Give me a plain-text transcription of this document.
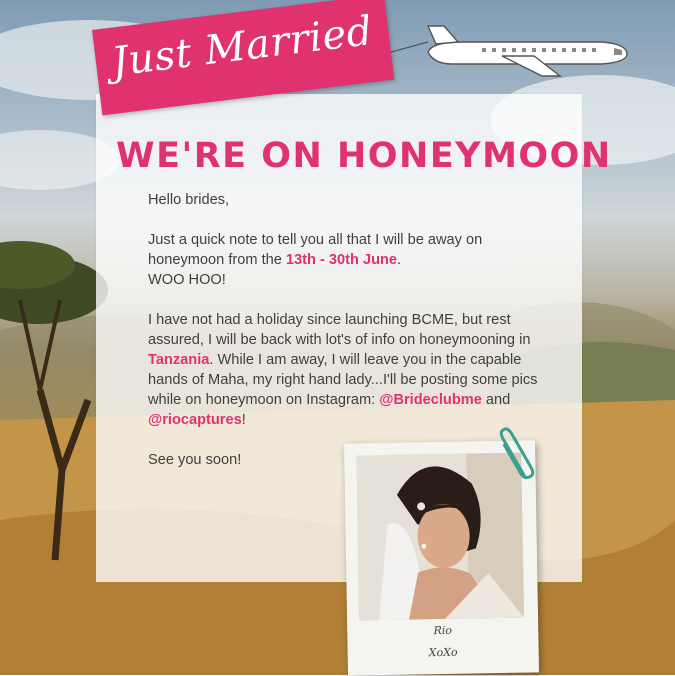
Just Married
WE'RE ON HONEYMOON

Hello brides,

Just a quick note to tell you all that I will be away on honeymoon from the 13th - 30th June.
WOO HOO!

I have not had a holiday since launching BCME, but rest assured, I will be back with lot's of info on honeymooning in Tanzania. While I am away, I will leave you in the capable hands of Maha, my right hand lady...I'll be posting some pics while on honeymoon on Instagram: @Brideclubme and @riocaptures!

See you soon!

Rio
XoXo
